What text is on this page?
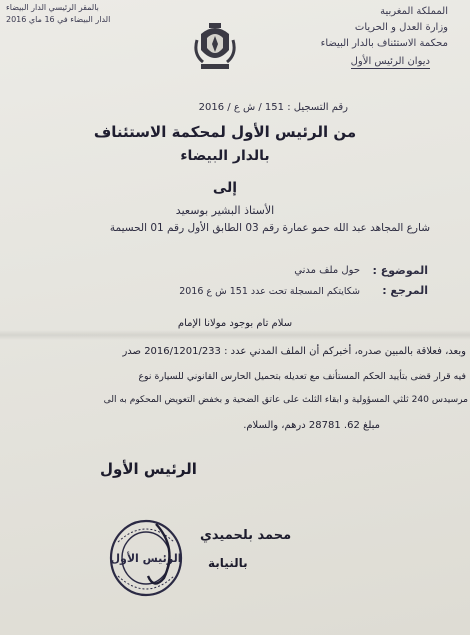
بالمقر الرئيسي الدار البيضاء
الدار البيضاء في 16 ماي 2016
المملكة المغربية
وزارة العدل و الحريات
محكمة الاستئناف بالدار البيضاء
ديوان الرئيس الأول
رقم التسجيل : 151 / ش ع / 2016
من الرئيس الأول لمحكمة الاستئناف
بالدار البيضاء
إلى
الأستاذ البشير بوسعيد
شارع المجاهد عبد الله حمو عمارة رقم 03 الطابق الأول رقم 01 الحسيمة
الموضوع :
حول ملف مدني
المرجع :
شكايتكم المسجلة تحت عدد 151 ش ع 2016
سلام تام بوجود مولانا الإمام
وبعد، فعلاقة بالمبين صدره، أخبركم أن الملف المدني عدد : 2016/1201/233 صدر
فيه قرار قضى بتأييد الحكم المستأنف مع تعديله بتحميل الحارس القانوني للسيارة نوع
مرسيدس 240 ثلثي المسؤولية و ابقاء الثلث على عاتق الضحية و بخفض التعويض المحكوم به الى
مبلغ 62. 28781 درهم، والسلام.
الرئيس الأول
الرئيس الأول
محمد بلحميدي
بالنيابة
